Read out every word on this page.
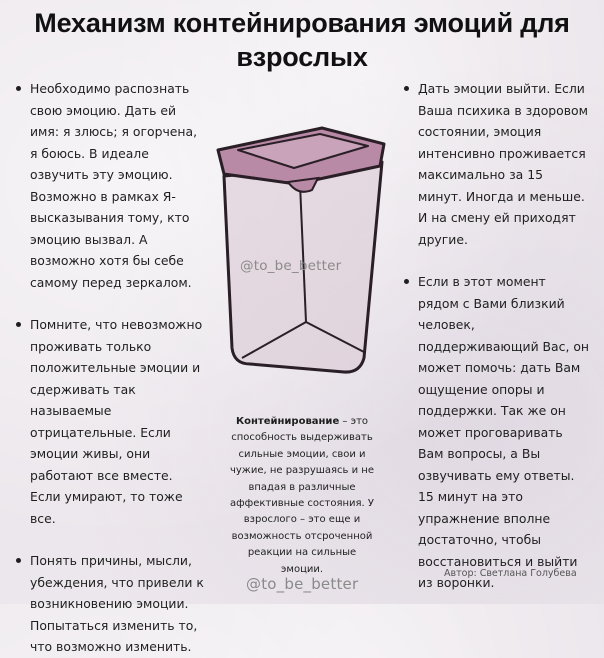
Механизм контейнирования эмоций для
взрослых
Необходимо распознать свою эмоцию. Дать ей имя: я злюсь; я огорчена, я боюсь. В идеале озвучить эту эмоцию. Возможно в рамках Я-высказывания тому, кто эмоцию вызвал. А возможно хотя бы себе самому перед зеркалом.
Помните, что невозможно проживать только положительные эмоции и сдерживать так называемые отрицательные. Если эмоции живы, они работают все вместе. Если умирают, то тоже все.
Понять причины, мысли, убеждения, что привели к возникновению эмоции. Попытаться изменить то, что возможно изменить.
Дать эмоции выйти. Если Ваша психика в здоровом состоянии, эмоция интенсивно проживается максимально за 15 минут. Иногда и меньше. И на смену ей приходят другие.
Если в этот момент рядом с Вами близкий человек, поддерживающий Вас, он может помочь: дать Вам ощущение опоры и поддержки. Так же он может проговаривать Вам вопросы, а Вы озвучивать ему ответы. 15 минут на это упражнение вполне достаточно, чтобы восстановиться и выйти из воронки.
@to_be_better
Контейнирование – это способность выдерживать сильные эмоции, свои и чужие, не разрушаясь и не впадая в различные аффективные состояния. У взрослого – это еще и возможность отсроченной реакции на сильные эмоции.
@to_be_better
Автор: Светлана Голубева
